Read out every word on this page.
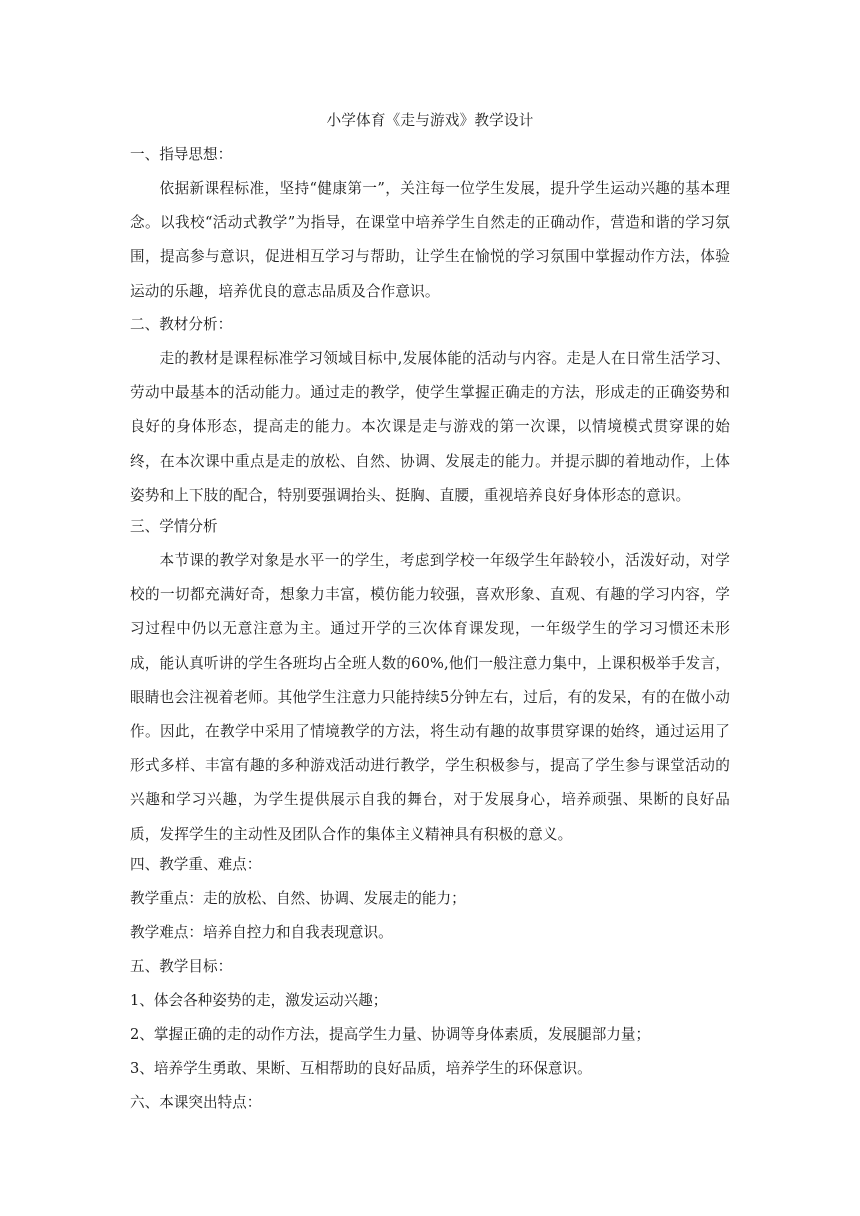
小学体育《走与游戏》教学设计
一、指导思想：
依据新课程标准，坚持“健康第一”，关注每一位学生发展，提升学生运动兴趣的基本理念。以我校“活动式教学”为指导，在课堂中培养学生自然走的正确动作，营造和谐的学习氛围，提高参与意识，促进相互学习与帮助，让学生在愉悦的学习氛围中掌握动作方法，体验运动的乐趣，培养优良的意志品质及合作意识。
二、教材分析：
走的教材是课程标准学习领域目标中,发展体能的活动与内容。走是人在日常生活学习、劳动中最基本的活动能力。通过走的教学，使学生掌握正确走的方法，形成走的正确姿势和良好的身体形态，提高走的能力。本次课是走与游戏的第一次课，以情境模式贯穿课的始终，在本次课中重点是走的放松、自然、协调、发展走的能力。并提示脚的着地动作，上体姿势和上下肢的配合，特别要强调抬头、挺胸、直腰，重视培养良好身体形态的意识。
三、学情分析
本节课的教学对象是水平一的学生，考虑到学校一年级学生年龄较小，活泼好动，对学校的一切都充满好奇，想象力丰富，模仿能力较强，喜欢形象、直观、有趣的学习内容，学习过程中仍以无意注意为主。通过开学的三次体育课发现，一年级学生的学习习惯还未形成，能认真听讲的学生各班均占全班人数的60%,他们一般注意力集中，上课积极举手发言，眼睛也会注视着老师。其他学生注意力只能持续5分钟左右，过后，有的发呆，有的在做小动作。因此，在教学中采用了情境教学的方法，将生动有趣的故事贯穿课的始终，通过运用了形式多样、丰富有趣的多种游戏活动进行教学，学生积极参与，提高了学生参与课堂活动的兴趣和学习兴趣，为学生提供展示自我的舞台，对于发展身心，培养顽强、果断的良好品质，发挥学生的主动性及团队合作的集体主义精神具有积极的意义。
四、教学重、难点：
教学重点：走的放松、自然、协调、发展走的能力；
教学难点：培养自控力和自我表现意识。
五、教学目标：
1、体会各种姿势的走，激发运动兴趣；
2、掌握正确的走的动作方法，提高学生力量、协调等身体素质，发展腿部力量；
3、培养学生勇敢、果断、互相帮助的良好品质，培养学生的环保意识。
六、本课突出特点：
